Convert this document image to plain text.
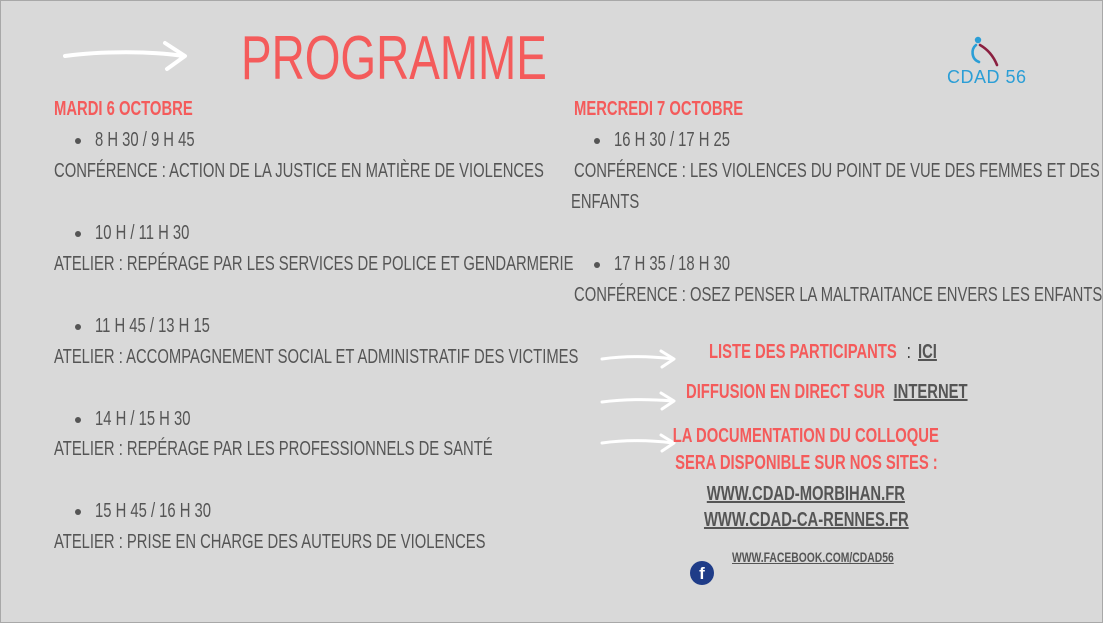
PROGRAMME	CDAD 56
MARDI 6 OCTOBRE
8 H 30 / 9 H 45
CONFÉRENCE : ACTION DE LA JUSTICE EN MATIÈRE DE VIOLENCES
10 H / 11 H 30
ATELIER : REPÉRAGE PAR LES SERVICES DE POLICE ET GENDARMERIE
11 H 45 / 13 H 15
ATELIER : ACCOMPAGNEMENT SOCIAL ET ADMINISTRATIF DES VICTIMES
14 H / 15 H 30
ATELIER : REPÉRAGE PAR LES PROFESSIONNELS DE SANTÉ
15 H 45 / 16 H 30
ATELIER : PRISE EN CHARGE DES AUTEURS DE VIOLENCES
MERCREDI 7 OCTOBRE
16 H 30 / 17 H 25
CONFÉRENCE : LES VIOLENCES DU POINT DE VUE DES FEMMES ET DES
ENFANTS
17 H 35 / 18 H 30
CONFÉRENCE : OSEZ PENSER LA MALTRAITANCE ENVERS LES ENFANTS
LISTE DES PARTICIPANTS : ICI
DIFFUSION EN DIRECT SUR INTERNET
LA DOCUMENTATION DU COLLOQUE
SERA DISPONIBLE SUR NOS SITES :
WWW.CDAD-MORBIHAN.FR
WWW.CDAD-CA-RENNES.FR
WWW.FACEBOOK.COM/CDAD56
f
